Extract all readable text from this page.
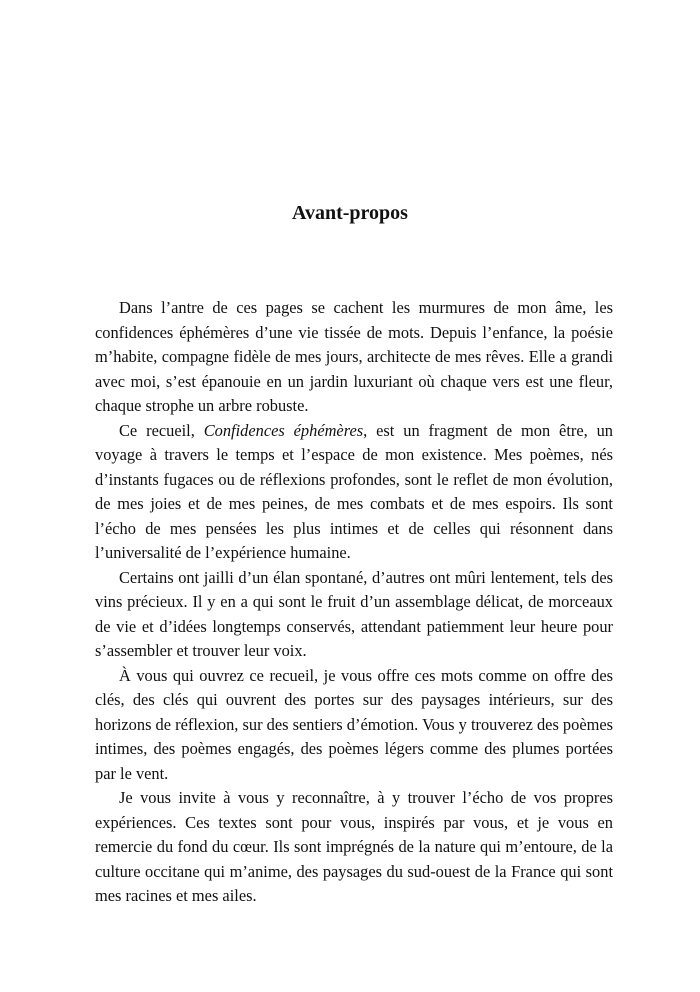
Avant-propos

Dans l’antre de ces pages se cachent les murmures de mon âme, les confidences éphémères d’une vie tissée de mots. Depuis l’enfance, la poésie m’habite, compagne fidèle de mes jours, architecte de mes rêves. Elle a grandi avec moi, s’est épanouie en un jardin luxuriant où chaque vers est une fleur, chaque strophe un arbre robuste.

Ce recueil, Confidences éphémères, est un fragment de mon être, un voyage à travers le temps et l’espace de mon existence. Mes poèmes, nés d’instants fugaces ou de réflexions profondes, sont le reflet de mon évolution, de mes joies et de mes peines, de mes combats et de mes espoirs. Ils sont l’écho de mes pensées les plus intimes et de celles qui résonnent dans l’universalité de l’expérience humaine.

Certains ont jailli d’un élan spontané, d’autres ont mûri lentement, tels des vins précieux. Il y en a qui sont le fruit d’un assemblage délicat, de morceaux de vie et d’idées longtemps conservés, attendant patiemment leur heure pour s’assembler et trouver leur voix.

À vous qui ouvrez ce recueil, je vous offre ces mots comme on offre des clés, des clés qui ouvrent des portes sur des paysages intérieurs, sur des horizons de réflexion, sur des sentiers d’émotion. Vous y trouverez des poèmes intimes, des poèmes engagés, des poèmes légers comme des plumes portées par le vent.

Je vous invite à vous y reconnaître, à y trouver l’écho de vos propres expériences. Ces textes sont pour vous, inspirés par vous, et je vous en remercie du fond du cœur. Ils sont imprégnés de la nature qui m’entoure, de la culture occitane qui m’anime, des paysages du sud-ouest de la France qui sont mes racines et mes ailes.
